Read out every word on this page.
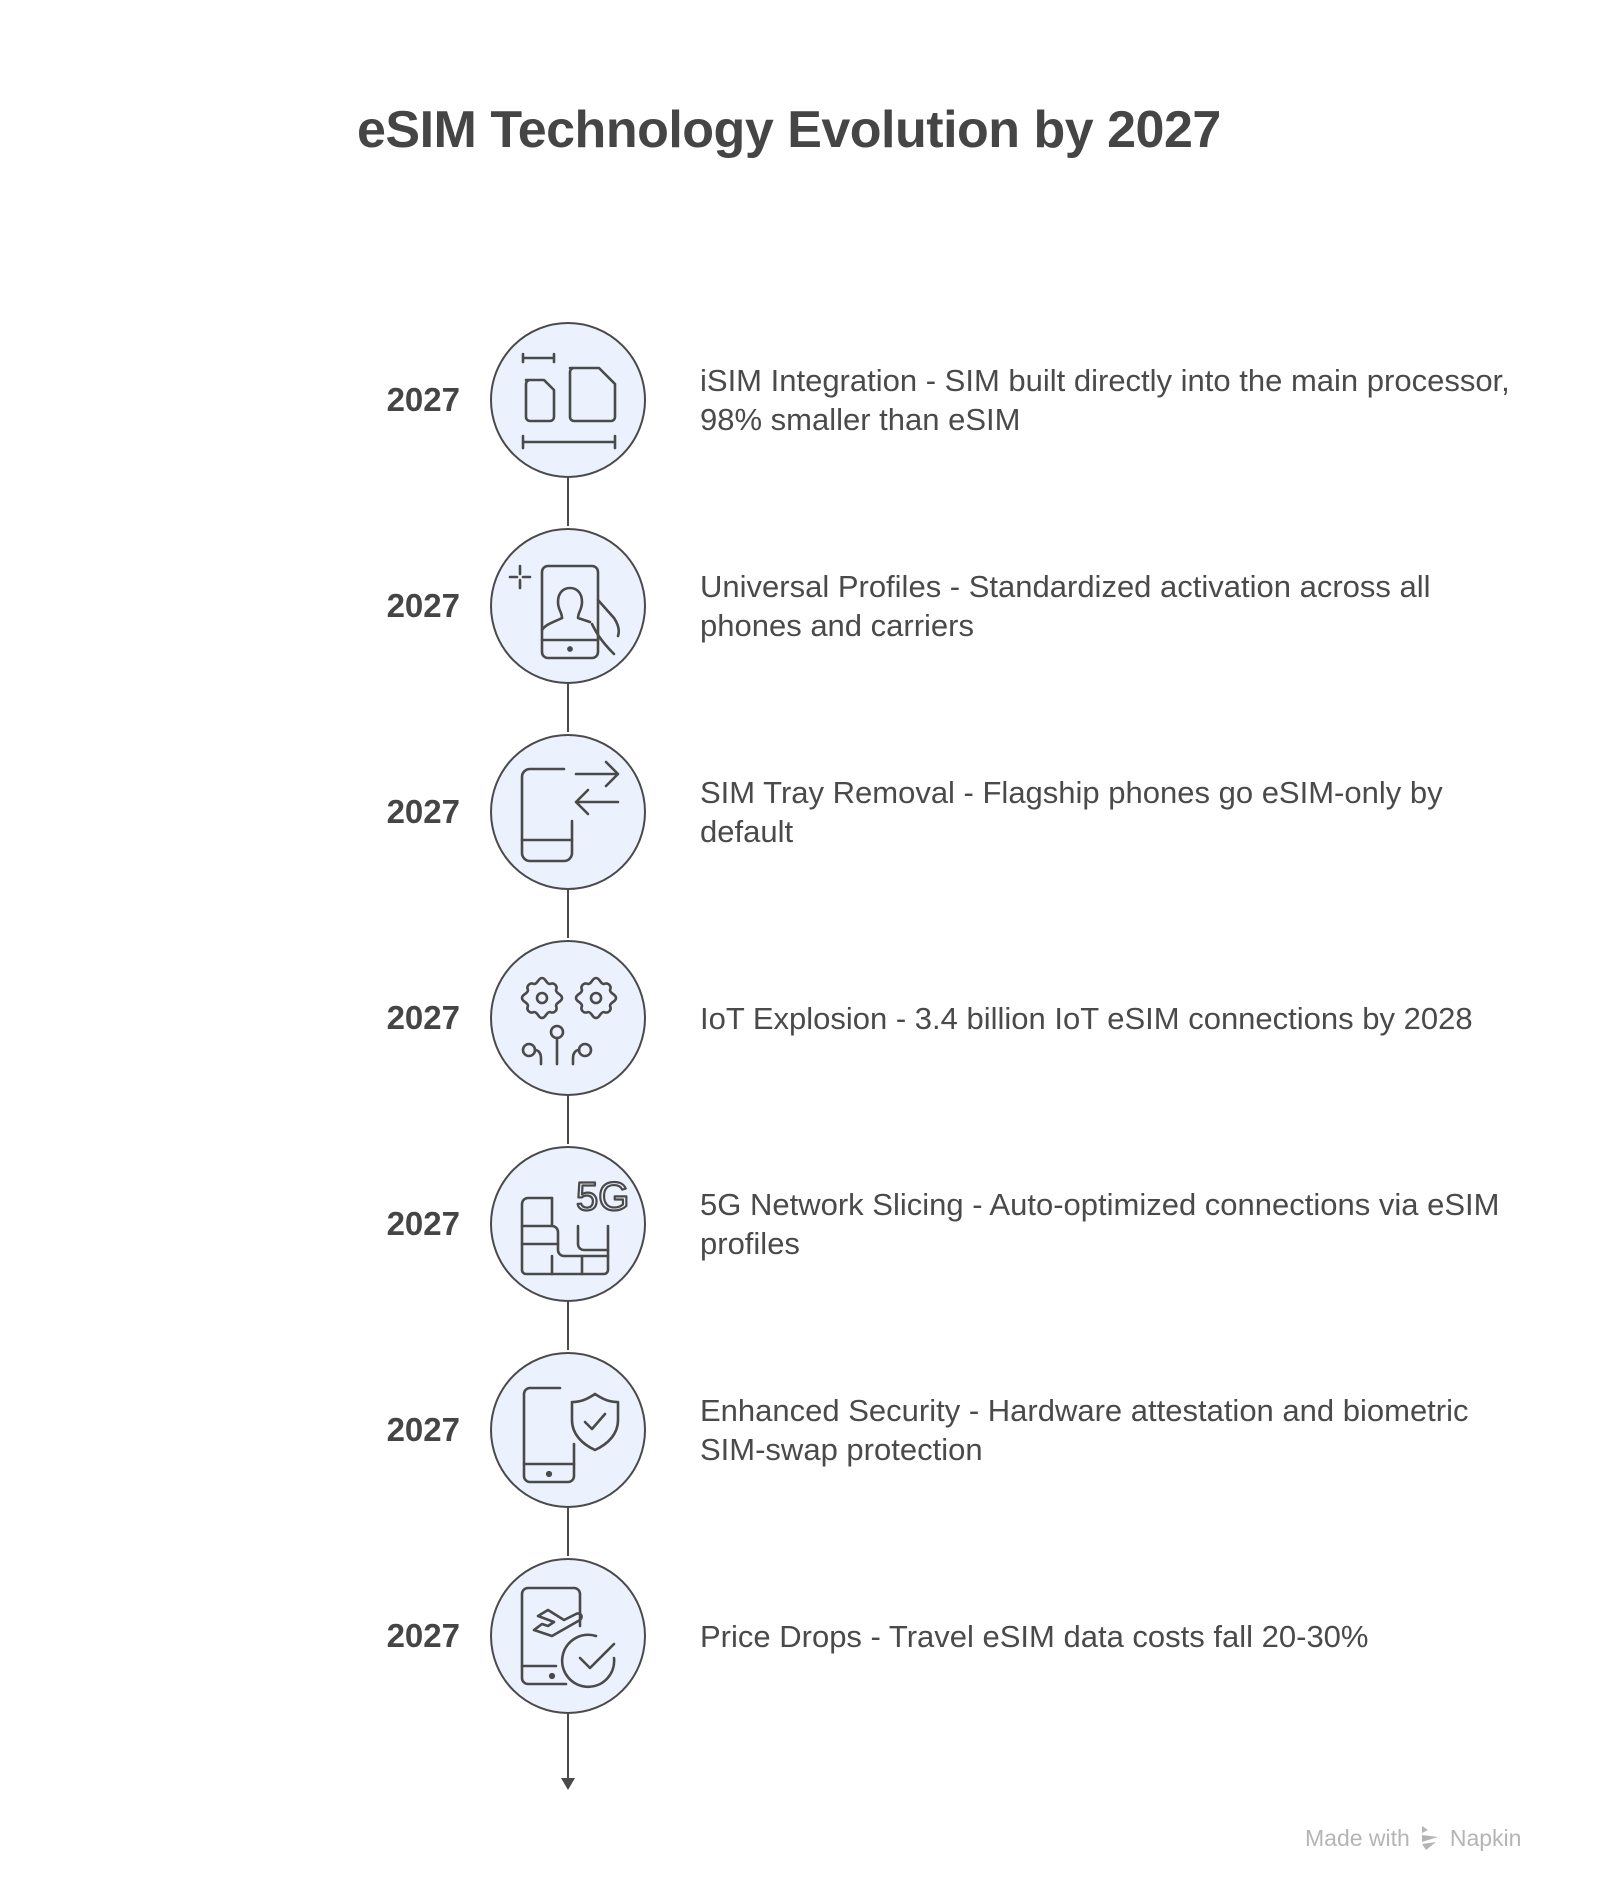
eSIM Technology Evolution by 2027
2027
iSIM Integration - SIM built directly into the main processor, 98% smaller than eSIM
2027
Universal Profiles - Standardized activation across all phones and carriers
2027
SIM Tray Removal - Flagship phones go eSIM-only by default
2027	IoT Explosion - 3.4 billion IoT eSIM connections by 2028
2027
5G 5G Network Slicing - Auto-optimized connections via eSIM profiles
2027
Enhanced Security - Hardware attestation and biometric SIM-swap protection
2027	Price Drops - Travel eSIM data costs fall 20-30%
Made with Napkin
